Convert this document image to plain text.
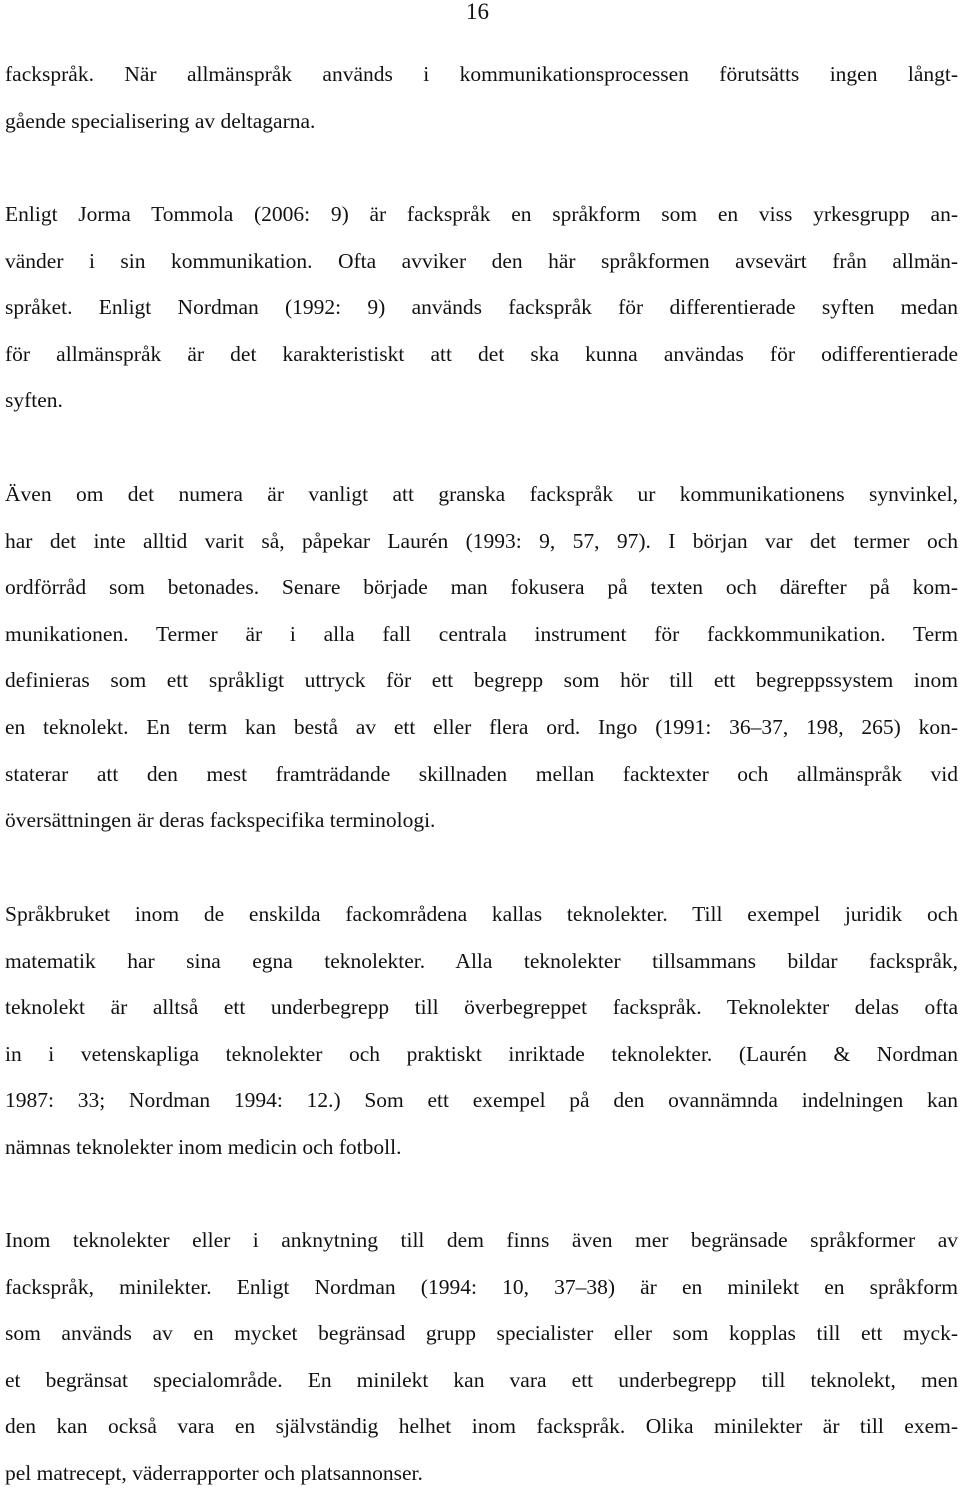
16

fackspråk. När allmänspråk används i kommunikationsprocessen förutsätts ingen långt-
gående specialisering av deltagarna.

Enligt Jorma Tommola (2006: 9) är fackspråk en språkform som en viss yrkesgrupp an-
vänder i sin kommunikation. Ofta avviker den här språkformen avsevärt från allmän-
språket. Enligt Nordman (1992: 9) används fackspråk för differentierade syften medan
för allmänspråk är det karakteristiskt att det ska kunna användas för odifferentierade
syften.

Även om det numera är vanligt att granska fackspråk ur kommunikationens synvinkel,
har det inte alltid varit så, påpekar Laurén (1993: 9, 57, 97). I början var det termer och
ordförråd som betonades. Senare började man fokusera på texten och därefter på kom-
munikationen. Termer är i alla fall centrala instrument för fackkommunikation. Term
definieras som ett språkligt uttryck för ett begrepp som hör till ett begreppssystem inom
en teknolekt. En term kan bestå av ett eller flera ord. Ingo (1991: 36–37, 198, 265) kon-
staterar att den mest framträdande skillnaden mellan facktexter och allmänspråk vid
översättningen är deras fackspecifika terminologi.

Språkbruket inom de enskilda fackområdena kallas teknolekter. Till exempel juridik och
matematik har sina egna teknolekter. Alla teknolekter tillsammans bildar fackspråk,
teknolekt är alltså ett underbegrepp till överbegreppet fackspråk. Teknolekter delas ofta
in i vetenskapliga teknolekter och praktiskt inriktade teknolekter. (Laurén & Nordman
1987: 33; Nordman 1994: 12.) Som ett exempel på den ovannämnda indelningen kan
nämnas teknolekter inom medicin och fotboll.

Inom teknolekter eller i anknytning till dem finns även mer begränsade språkformer av
fackspråk, minilekter. Enligt Nordman (1994: 10, 37–38) är en minilekt en språkform
som används av en mycket begränsad grupp specialister eller som kopplas till ett myck-
et begränsat specialområde. En minilekt kan vara ett underbegrepp till teknolekt, men
den kan också vara en självständig helhet inom fackspråk. Olika minilekter är till exem-
pel matrecept, väderrapporter och platsannonser.
